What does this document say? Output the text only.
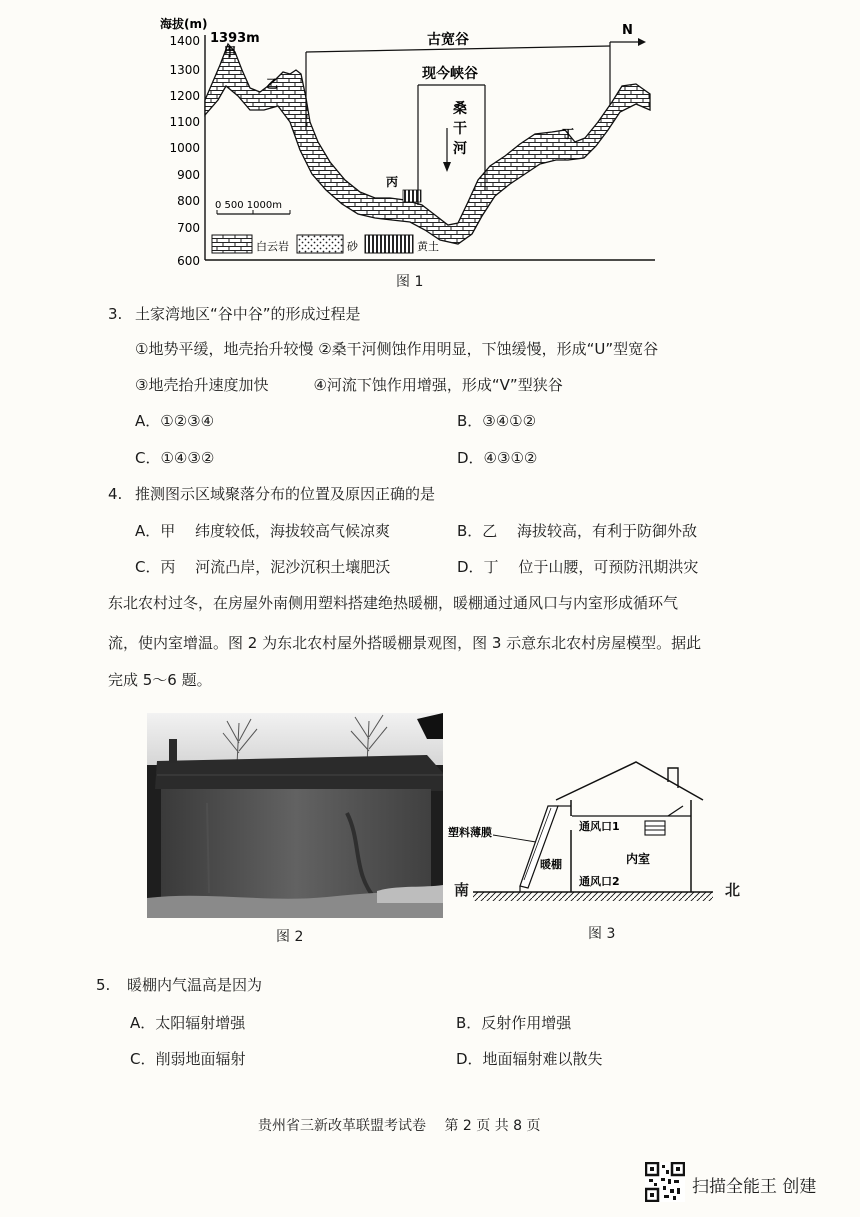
海拔(m)
1400
1300
1200
1100
1000
900
800
700
600
1393m
甲
乙
丙
丁
古宽谷
N
现今峡谷
桑
干
河
0 500 1000m
白云岩	砂	黄土
图 1
3. 土家湾地区“谷中谷”的形成过程是
①地势平缓，地壳抬升较慢 ②桑干河侧蚀作用明显，下蚀缓慢，形成“U”型宽谷
③地壳抬升速度加快　　　④河流下蚀作用增强，形成“V”型狭谷
A．①②③④	B．③④①②
C．①④③②	D．④③①②
4. 推测图示区域聚落分布的位置及原因正确的是
A．甲　 纬度较低，海拔较高气候凉爽	B．乙　 海拔较高，有利于防御外敌
C．丙　 河流凸岸，泥沙沉积土壤肥沃	D．丁　 位于山腰，可预防汛期洪灾
东北农村过冬，在房屋外南侧用塑料搭建绝热暖棚，暖棚通过通风口与内室形成循环气
流，使内室增温。图 2 为东北农村屋外搭暖棚景观图，图 3 示意东北农村房屋模型。据此
完成 5～6 题。
图 2
塑料薄膜	通风口1
通风口2
暖棚	内室
南	北
图 3
5. 暖棚内气温高是因为
A．太阳辐射增强	B．反射作用增强
C．削弱地面辐射	D．地面辐射难以散失
贵州省三新改革联盟考试卷　 第 2 页 共 8 页
扫描全能王 创建
